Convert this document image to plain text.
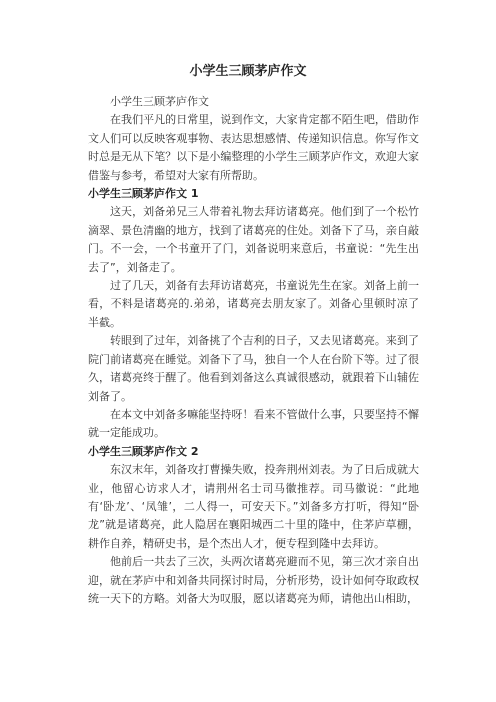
小学生三顾茅庐作文

小学生三顾茅庐作文

在我们平凡的日常里，说到作文，大家肯定都不陌生吧，借助作文人们可以反映客观事物、表达思想感情、传递知识信息。你写作文时总是无从下笔？以下是小编整理的小学生三顾茅庐作文，欢迎大家借鉴与参考，希望对大家有所帮助。

小学生三顾茅庐作文 1

这天，刘备弟兄三人带着礼物去拜访诸葛亮。他们到了一个松竹滴翠、景色清幽的地方，找到了诸葛亮的住处。刘备下了马，亲自敲门。不一会，一个书童开了门，刘备说明来意后，书童说：“先生出去了”，刘备走了。

过了几天，刘备有去拜访诸葛亮，书童说先生在家。刘备上前一看，不料是诸葛亮的.弟弟，诸葛亮去朋友家了。刘备心里顿时凉了半截。

转眼到了过年，刘备挑了个吉利的日子，又去见诸葛亮。来到了院门前诸葛亮在睡觉。刘备下了马，独自一个人在台阶下等。过了很久，诸葛亮终于醒了。他看到刘备这么真诚很感动，就跟着下山辅佐刘备了。

在本文中刘备多嘛能坚持呀！看来不管做什么事，只要坚持不懈就一定能成功。

小学生三顾茅庐作文 2

东汉末年，刘备攻打曹操失败，投奔荆州刘表。为了日后成就大业，他留心访求人才，请荆州名士司马徽推荐。司马徽说：“此地有‘卧龙’、‘凤雏’，二人得一，可安天下。”刘备多方打听，得知“卧龙”就是诸葛亮，此人隐居在襄阳城西二十里的隆中，住茅庐草棚，耕作自养，精研史书，是个杰出人才，便专程到隆中去拜访。

他前后一共去了三次，头两次诸葛亮避而不见，第三次才亲自出迎，就在茅庐中和刘备共同探讨时局，分析形势，设计如何夺取政权统一天下的方略。刘备大为叹服，愿以诸葛亮为师，请他出山相助，
